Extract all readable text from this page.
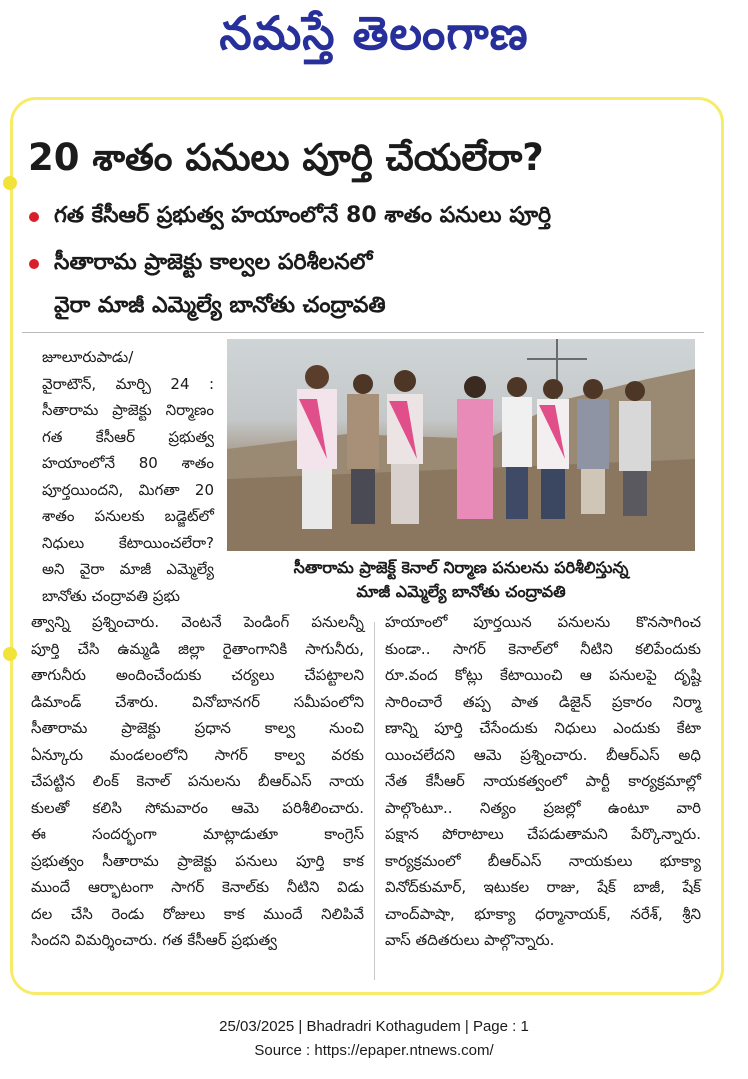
నమస్తే తెలంగాణ
20 శాతం పనులు పూర్తి చేయలేరా?
గత కేసీఆర్ ప్రభుత్వ హయాంలోనే 80 శాతం పనులు పూర్తి
సీతారామ ప్రాజెక్టు కాల్వల పరిశీలనలో
వైరా మాజీ ఎమ్మెల్యే బానోతు చంద్రావతి
జూలూరుపాడు/
వైరాటౌన్, మార్చి 24 :
సీతారామ ప్రాజెక్టు నిర్మాణం
గత కేసీఆర్ ప్రభుత్వ
హయాంలోనే 80 శాతం
పూర్తయిందని, మిగతా 20
శాతం పనులకు బడ్జెట్‌లో
నిధులు కేటాయించలేరా?
అని వైరా మాజీ ఎమ్మెల్యే
బానోతు చంద్రావతి ప్రభు
సీతారామ ప్రాజెక్ట్ కెనాల్ నిర్మాణ పనులను పరిశీలిస్తున్న
మాజీ ఎమ్మెల్యే బానోతు చంద్రావతి
త్వాన్ని ప్రశ్నించారు. వెంటనే పెండింగ్ పనులన్నీ
పూర్తి చేసి ఉమ్మడి జిల్లా రైతాంగానికి సాగునీరు,
తాగునీరు అందించేందుకు చర్యలు చేపట్టాలని
డిమాండ్ చేశారు. వినోబానగర్ సమీపంలోని
సీతారామ ప్రాజెక్టు ప్రధాన కాల్వ నుంచి
ఏన్కూరు మండలంలోని సాగర్ కాల్వ వరకు
చేపట్టిన లింక్ కెనాల్ పనులను బీఆర్‌ఎస్ నాయ
కులతో కలిసి సోమవారం ఆమె పరిశీలించారు.
ఈ సందర్భంగా మాట్లాడుతూ కాంగ్రెస్
ప్రభుత్వం సీతారామ ప్రాజెక్టు పనులు పూర్తి కాక
ముందే ఆర్భాటంగా సాగర్ కెనాల్‌కు నీటిని విడు
దల చేసి రెండు రోజులు కాక ముందే నిలిపివే
సిందని విమర్శించారు. గత కేసీఆర్ ప్రభుత్వ
హయాంలో పూర్తయిన పనులను కొనసాగించ
కుండా.. సాగర్ కెనాల్‌లో నీటిని కలిపేందుకు
రూ.వంద కోట్లు కేటాయించి ఆ పనులపై దృష్టి
సారించారే తప్ప పాత డిజైన్ ప్రకారం నిర్మా
ణాన్ని పూర్తి చేసేందుకు నిధులు ఎందుకు కేటా
యించలేదని ఆమె ప్రశ్నించారు. బీఆర్‌ఎస్ అధి
నేత కేసీఆర్ నాయకత్వంలో పార్టీ కార్యక్రమాల్లో
పాల్గొంటూ.. నిత్యం ప్రజల్లో ఉంటూ వారి
పక్షాన పోరాటాలు చేపడుతామని పేర్కొన్నారు.
కార్యక్రమంలో బీఆర్‌ఎస్ నాయకులు భూక్యా
వినోద్‌కుమార్, ఇటుకల రాజు, షేక్ బాజీ, షేక్
చాంద్‌పాషా, భూక్యా ధర్మానాయక్, నరేశ్, శ్రీని
వాస్ తదితరులు పాల్గొన్నారు.
25/03/2025 | Bhadradri Kothagudem | Page : 1
Source : https://epaper.ntnews.com/
